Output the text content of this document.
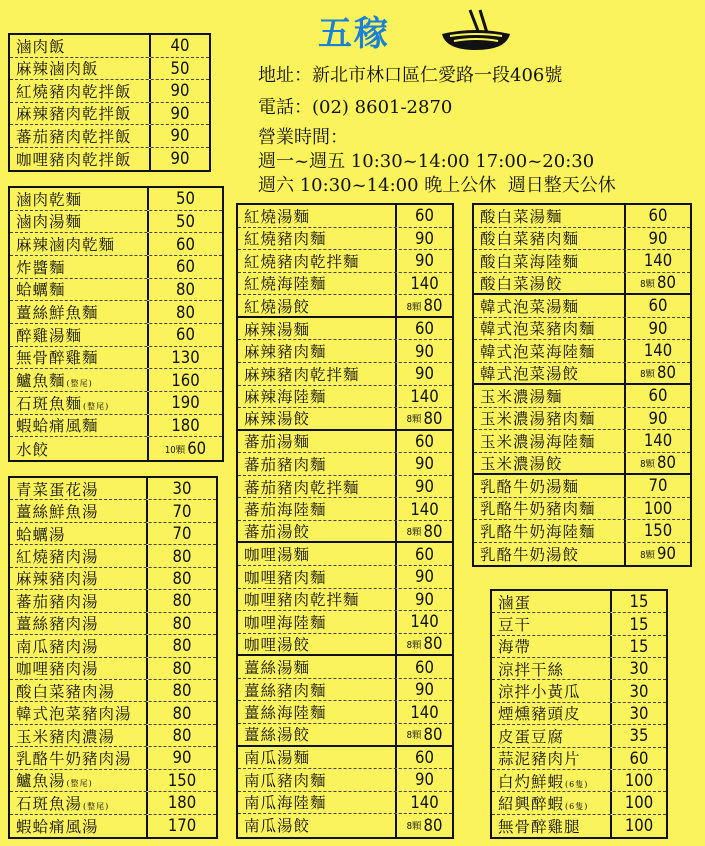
五稼
地址：新北市林口區仁愛路一段406號
電話：(02) 8601-2870
營業時間：
週一~週五 10:30~14:00 17:00~20:30
週六 10:30~14:00 晚上公休  週日整天公休
滷肉飯	40
麻辣滷肉飯	50
紅燒豬肉乾拌飯	90
麻辣豬肉乾拌飯	90
蕃茄豬肉乾拌飯	90
咖哩豬肉乾拌飯	90
滷肉乾麵	50
滷肉湯麵	50
麻辣滷肉乾麵	60
炸醬麵	60
蛤蠣麵	80
薑絲鮮魚麵	80
醉雞湯麵	60
無骨醉雞麵	130
鱸魚麵(整尾)	160
石斑魚麵(整尾)	190
蝦蛤痛風麵	180
水餃	10顆 60
青菜蛋花湯	30
薑絲鮮魚湯	70
蛤蠣湯	70
紅燒豬肉湯	80
麻辣豬肉湯	80
蕃茄豬肉湯	80
薑絲豬肉湯	80
南瓜豬肉湯	80
咖哩豬肉湯	80
酸白菜豬肉湯	80
韓式泡菜豬肉湯	80
玉米豬肉濃湯	80
乳酪牛奶豬肉湯	90
鱸魚湯(整尾)	150
石斑魚湯(整尾)	180
蝦蛤痛風湯	170
紅燒湯麵	60
紅燒豬肉麵	90
紅燒豬肉乾拌麵	90
紅燒海陸麵	140
紅燒湯餃	8顆 80
麻辣湯麵	60
麻辣豬肉麵	90
麻辣豬肉乾拌麵	90
麻辣海陸麵	140
麻辣湯餃	8顆 80
蕃茄湯麵	60
蕃茄豬肉麵	90
蕃茄豬肉乾拌麵	90
蕃茄海陸麵	140
蕃茄湯餃	8顆 80
咖哩湯麵	60
咖哩豬肉麵	90
咖哩豬肉乾拌麵	90
咖哩海陸麵	140
咖哩湯餃	8顆 80
薑絲湯麵	60
薑絲豬肉麵	90
薑絲海陸麵	140
薑絲湯餃	8顆 80
南瓜湯麵	60
南瓜豬肉麵	90
南瓜海陸麵	140
南瓜湯餃	8顆 80
酸白菜湯麵	60
酸白菜豬肉麵	90
酸白菜海陸麵	140
酸白菜湯餃	8顆 80
韓式泡菜湯麵	60
韓式泡菜豬肉麵	90
韓式泡菜海陸麵	140
韓式泡菜湯餃	8顆 80
玉米濃湯麵	60
玉米濃湯豬肉麵	90
玉米濃湯海陸麵	140
玉米濃湯餃	8顆 80
乳酪牛奶湯麵	70
乳酪牛奶豬肉麵	100
乳酪牛奶海陸麵	150
乳酪牛奶湯餃	8顆 90
滷蛋	15
豆干	15
海帶	15
涼拌干絲	30
涼拌小黃瓜	30
煙燻豬頭皮	30
皮蛋豆腐	35
蒜泥豬肉片	60
白灼鮮蝦(6隻)	100
紹興醉蝦(6隻)	100
無骨醉雞腿	100
